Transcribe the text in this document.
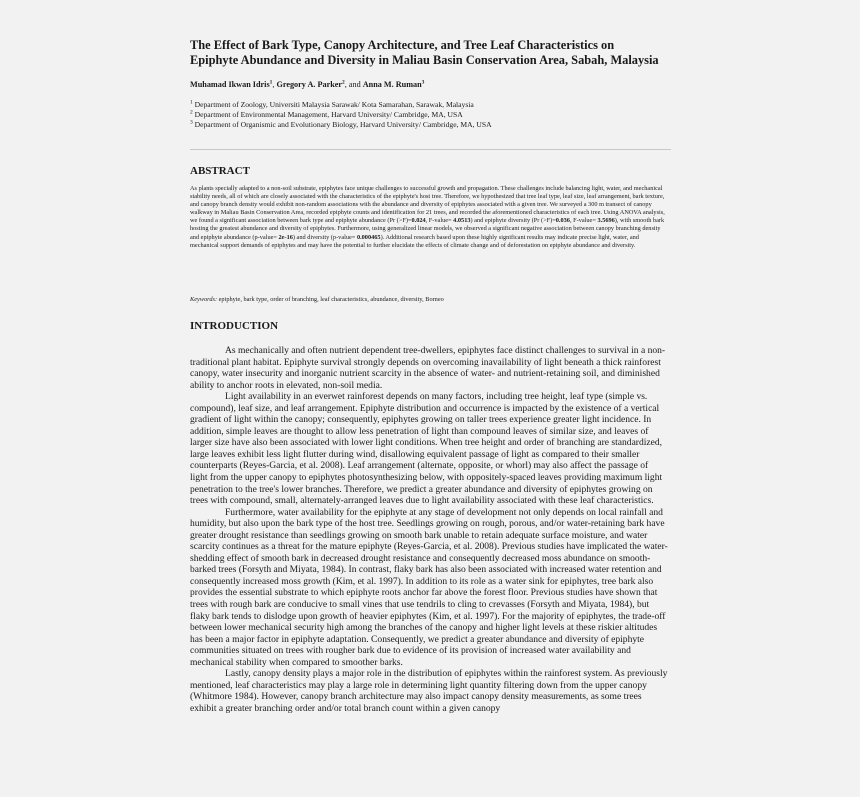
The Effect of Bark Type, Canopy Architecture, and Tree Leaf Characteristics on Epiphyte Abundance and Diversity in Maliau Basin Conservation Area, Sabah, Malaysia

Muhamad Ikwan Idris$^1$, Gregory A. Parker$^2$, and Anna M. Ruman$^3$

$^1$ Department of Zoology, Universiti Malaysia Sarawak/ Kota Samarahan, Sarawak, Malaysia
$^2$ Department of Environmental Management, Harvard University/ Cambridge, MA, USA
$^3$ Department of Organismic and Evolutionary Biology, Harvard University/ Cambridge, MA, USA
ABSTRACT

As plants specially adapted to a non-soil substrate, epiphytes face unique challenges to successful growth and propagation. These challenges include balancing light, water, and mechanical stability needs, all of which are closely associated with the characteristics of the epiphyte's host tree. Therefore, we hypothesized that tree leaf type, leaf size, leaf arrangement, bark texture, and canopy branch density would exhibit non-random associations with the abundance and diversity of epiphytes associated with a given tree. We surveyed a 300 m transect of canopy walkway in Maliau Basin Conservation Area, recorded epiphyte counts and identification for 21 trees, and recorded the aforementioned characteristics of each tree. Using ANOVA analysis, we found a significant association between bark type and epiphyte abundance (Pr (>F)=0.024, F-value= 4.0513) and epiphyte diversity (Pr (>F)=0.036, F-value= 3.5696), with smooth bark hosting the greatest abundance and diversity of epiphytes. Furthermore, using generalized linear models, we observed a significant negative association between canopy branching density and epiphyte abundance (p-value= 2e-16) and diversity (p-value= 0.000465). Additional research based upon these highly significant results may indicate precise light, water, and mechanical support demands of epiphytes and may have the potential to further elucidate the effects of climate change and of deforestation on epiphyte abundance and diversity.

Keywords: epiphyte, bark type, order of branching, leaf characteristics, abundance, diversity, Borneo

INTRODUCTION

As mechanically and often nutrient dependent tree-dwellers, epiphytes face distinct challenges to survival in a non-traditional plant habitat. Epiphyte survival strongly depends on overcoming inavailability of light beneath a thick rainforest canopy, water insecurity and inorganic nutrient scarcity in the absence of water- and nutrient-retaining soil, and diminished ability to anchor roots in elevated, non-soil media.

Light availability in an everwet rainforest depends on many factors, including tree height, leaf type (simple vs. compound), leaf size, and leaf arrangement. Epiphyte distribution and occurrence is impacted by the existence of a vertical gradient of light within the canopy; consequently, epiphytes growing on taller trees experience greater light incidence. In addition, simple leaves are thought to allow less penetration of light than compound leaves of similar size, and leaves of larger size have also been associated with lower light conditions. When tree height and order of branching are standardized, large leaves exhibit less light flutter during wind, disallowing equivalent passage of light as compared to their smaller counterparts (Reyes-Garcia, et al. 2008). Leaf arrangement (alternate, opposite, or whorl) may also affect the passage of light from the upper canopy to epiphytes photosynthesizing below, with oppositely-spaced leaves providing maximum light penetration to the tree's lower branches. Therefore, we predict a greater abundance and diversity of epiphytes growing on trees with compound, small, alternately-arranged leaves due to light availability associated with these leaf characteristics.

Furthermore, water availability for the epiphyte at any stage of development not only depends on local rainfall and humidity, but also upon the bark type of the host tree. Seedlings growing on rough, porous, and/or water-retaining bark have greater drought resistance than seedlings growing on smooth bark unable to retain adequate surface moisture, and water scarcity continues as a threat for the mature epiphyte (Reyes-Garcia, et al. 2008). Previous studies have implicated the water-shedding effect of smooth bark in decreased drought resistance and consequently decreased moss abundance on smooth-barked trees (Forsyth and Miyata, 1984). In contrast, flaky bark has also been associated with increased water retention and consequently increased moss growth (Kim, et al. 1997). In addition to its role as a water sink for epiphytes, tree bark also provides the essential substrate to which epiphyte roots anchor far above the forest floor. Previous studies have shown that trees with rough bark are conducive to small vines that use tendrils to cling to crevasses (Forsyth and Miyata, 1984), but flaky bark tends to dislodge upon growth of heavier epiphytes (Kim, et al. 1997). For the majority of epiphytes, the trade-off between lower mechanical security high among the branches of the canopy and higher light levels at these riskier altitudes has been a major factor in epiphyte adaptation. Consequently, we predict a greater abundance and diversity of epiphyte communities situated on trees with rougher bark due to evidence of its provision of increased water availability and mechanical stability when compared to smoother barks.

Lastly, canopy density plays a major role in the distribution of epiphytes within the rainforest system. As previously mentioned, leaf characteristics may play a large role in determining light quantity filtering down from the upper canopy (Whitmore 1984). However, canopy branch architecture may also impact canopy density measurements, as some trees exhibit a greater branching order and/or total branch count within a given canopy
